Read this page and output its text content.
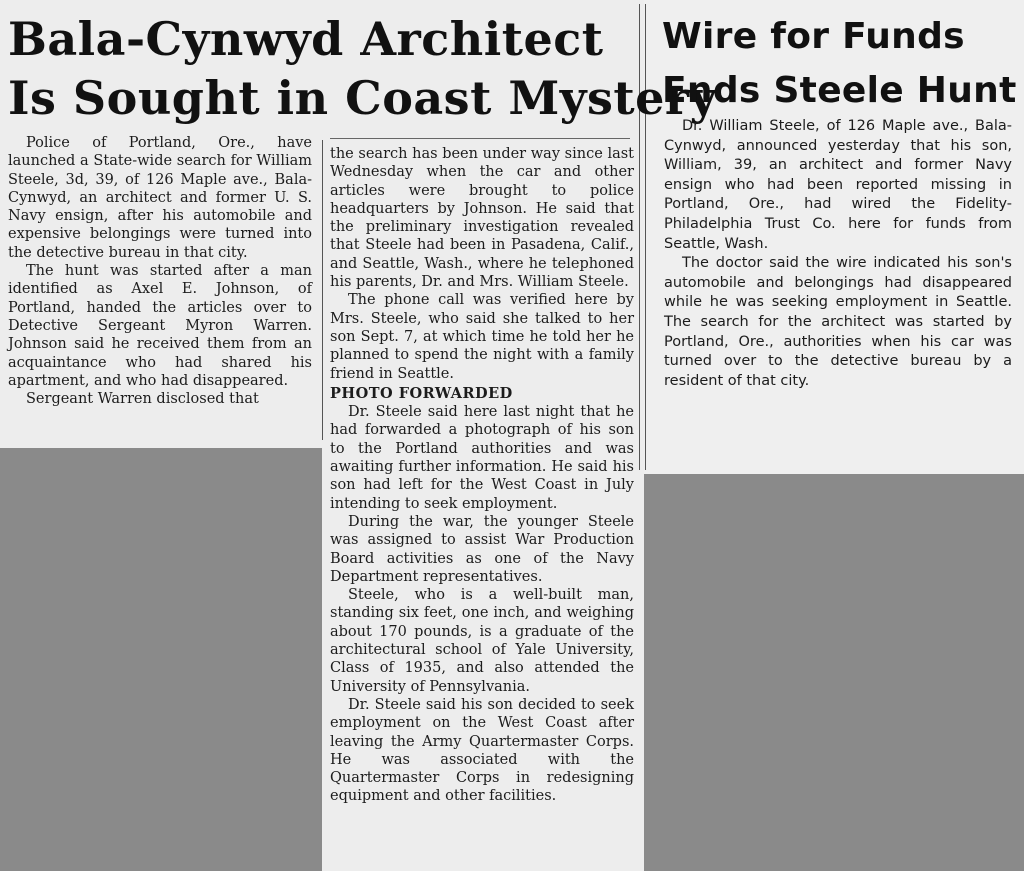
Bala-Cynwyd Architect
Is Sought in Coast Mystery
Wire for Funds
Ends Steele Hunt

Police of Portland, Ore., have launched a State-wide search for William Steele, 3d, 39, of 126 Maple ave., Bala-Cynwyd, an architect and former U. S. Navy ensign, after his automobile and expensive belongings were turned into the detective bureau in that city.

The hunt was started after a man identified as Axel E. Johnson, of Portland, handed the articles over to Detective Sergeant Myron Warren. Johnson said he received them from an acquaintance who had shared his apartment, and who had disappeared.

Sergeant Warren disclosed that

the search has been under way since last Wednesday when the car and other articles were brought to police headquarters by Johnson. He said that the preliminary investigation revealed that Steele had been in Pasadena, Calif., and Seattle, Wash., where he telephoned his parents, Dr. and Mrs. William Steele.

The phone call was verified here by Mrs. Steele, who said she talked to her son Sept. 7, at which time he told her he planned to spend the night with a family friend in Seattle.

PHOTO FORWARDED

Dr. Steele said here last night that he had forwarded a photograph of his son to the Portland authorities and was awaiting further information. He said his son had left for the West Coast in July intending to seek employment.

During the war, the younger Steele was assigned to assist War Production Board activities as one of the Navy Department representatives.

Steele, who is a well-built man, standing six feet, one inch, and weighing about 170 pounds, is a graduate of the architectural school of Yale University, Class of 1935, and also attended the University of Pennsylvania.

Dr. Steele said his son decided to seek employment on the West Coast after leaving the Army Quartermaster Corps. He was associated with the Quartermaster Corps in redesigning equipment and other facilities.

Dr. William Steele, of 126 Maple ave., Bala-Cynwyd, announced yesterday that his son, William, 39, an architect and former Navy ensign who had been reported missing in Portland, Ore., had wired the Fidelity-Philadelphia Trust Co. here for funds from Seattle, Wash.

The doctor said the wire indicated his son's automobile and belongings had disappeared while he was seeking employment in Seattle. The search for the architect was started by Portland, Ore., authorities when his car was turned over to the detective bureau by a resident of that city.
